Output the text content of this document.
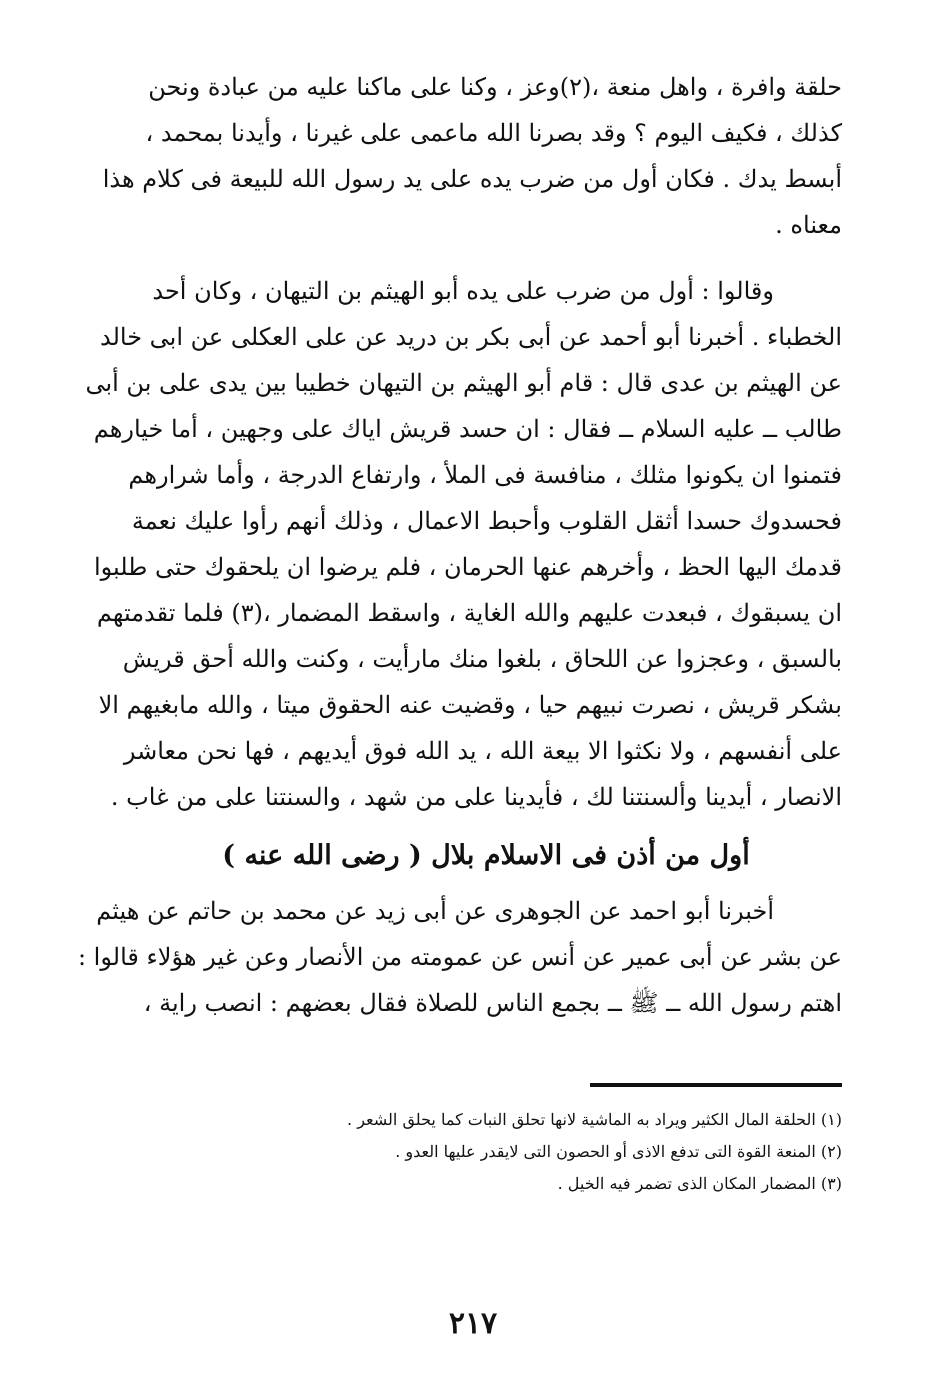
حلقة وافرة ، واهل منعة ،(٢)وعز ، وكنا على ماكنا عليه من عبادة ونحن
كذلك ، فكيف اليوم ؟ وقد بصرنا الله ماعمى على غيرنا ، وأيدنا بمحمد ،
أبسط يدك . فكان أول من ضرب يده على يد رسول الله للبيعة فى كلام هذا
معناه .
وقالوا : أول من ضرب على يده أبو الهيثم بن التيهان ، وكان أحد
الخطباء . أخبرنا أبو أحمد عن أبى بكر بن دريد عن على العكلى عن ابى خالد
عن الهيثم بن عدى قال : قام أبو الهيثم بن التيهان خطيبا بين يدى على بن أبى
طالب ــ عليه السلام ــ فقال : ان حسد قريش اياك على وجهين ، أما خيارهم
فتمنوا ان يكونوا مثلك ، منافسة فى الملأ ، وارتفاع الدرجة ، وأما شرارهم
فحسدوك حسدا أثقل القلوب وأحبط الاعمال ، وذلك أنهم رأوا عليك نعمة
قدمك اليها الحظ ، وأخرهم عنها الحرمان ، فلم يرضوا ان يلحقوك حتى طلبوا
ان يسبقوك ، فبعدت عليهم والله الغاية ، واسقط المضمار ،(٣) فلما تقدمتهم
بالسبق ، وعجزوا عن اللحاق ، بلغوا منك مارأيت ، وكنت والله أحق قريش
بشكر قريش ، نصرت نبيهم حيا ، وقضيت عنه الحقوق ميتا ، والله مابغيهم الا
على أنفسهم ، ولا نكثوا الا بيعة الله ، يد الله فوق أيديهم ، فها نحن معاشر
الانصار ، أيدينا وألسنتنا لك ، فأيدينا على من شهد ، والسنتنا على من غاب .
أول من أذن فى الاسلام بلال ( رضى الله عنه )
أخبرنا أبو احمد عن الجوهرى عن أبى زيد عن محمد بن حاتم عن هيثم
عن بشر عن أبى عمير عن أنس عن عمومته من الأنصار وعن غير هؤلاء قالوا :
اهتم رسول الله ــ ﷺ ــ بجمع الناس للصلاة فقال بعضهم : انصب راية ،
(١) الحلقة المال الكثير ويراد به الماشية لانها تحلق النبات كما يحلق الشعر .
(٢) المنعة القوة التى تدفع الاذى أو الحصون التى لايقدر عليها العدو .
(٣) المضمار المكان الذى تضمر فيه الخيل .
٢١٧
